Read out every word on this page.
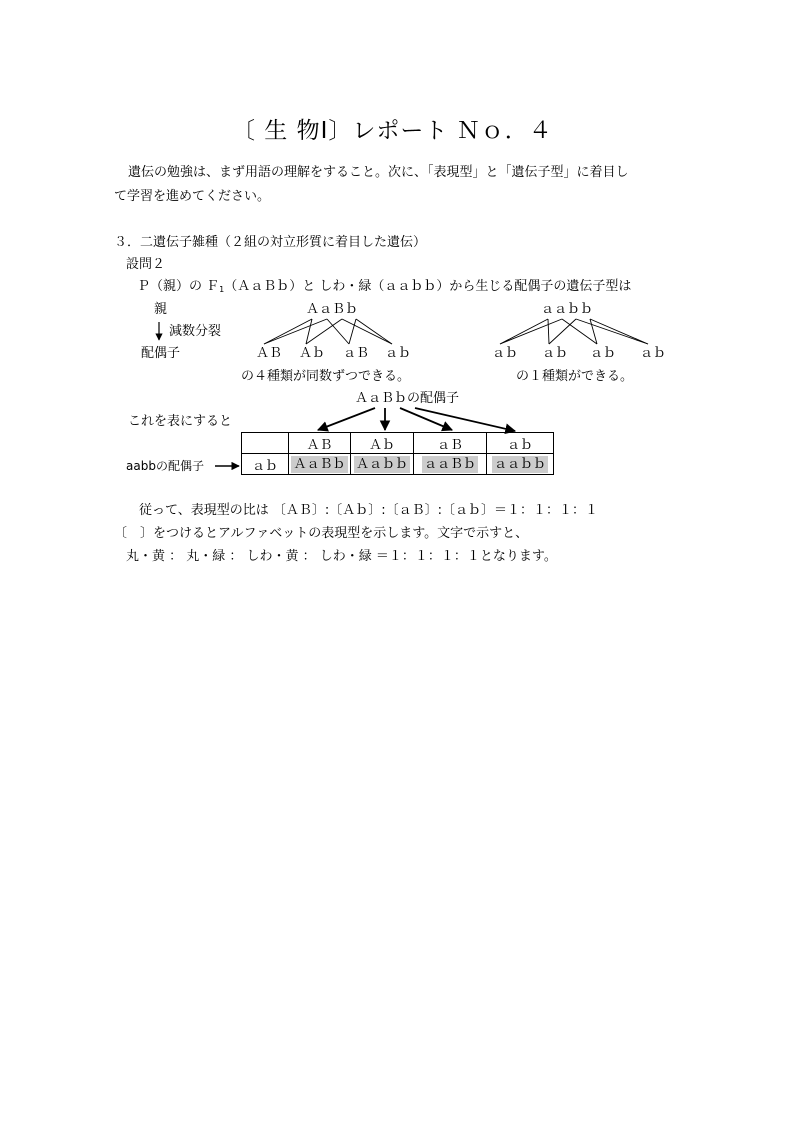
〔 生 物Ⅰ〕レポート Ｎｏ．４
遺伝の勉強は、まず用語の理解をすること。次に、「表現型」と「遺伝子型」に着目し
て学習を進めてください。
３．二遺伝子雑種（２組の対立形質に着目した遺伝）
設問２
Ｐ（親）の Ｆ$_1$（ＡａＢｂ）と しわ・緑（ａａｂｂ）から生じる配偶子の遺伝子型は
親
減数分裂
配偶子
ＡａＢｂ
ＡＢ Ａｂ ａＢ ａｂ
の４種類が同数ずつできる。
ａａｂｂ
ａｂ ａｂ ａｂ ａｂ
の１種類ができる。
ＡａＢｂの配偶子
これを表にすると
aabbの配偶子
	ＡＢ	Ａｂ	ａＢ	ａｂ
ａｂ	ＡａＢｂ	Ａａｂｂ	ａａＢｂ	ａａｂｂ
従って、表現型の比は 〔ＡＢ〕:〔Ａｂ〕:〔ａＢ〕:〔ａｂ〕＝１：１：１：１
〔　〕をつけるとアルファベットの表現型を示します。文字で示すと、
丸・黄 ： 丸・緑 ： しわ・黄 ： しわ・緑 ＝１：１：１：１となります。
